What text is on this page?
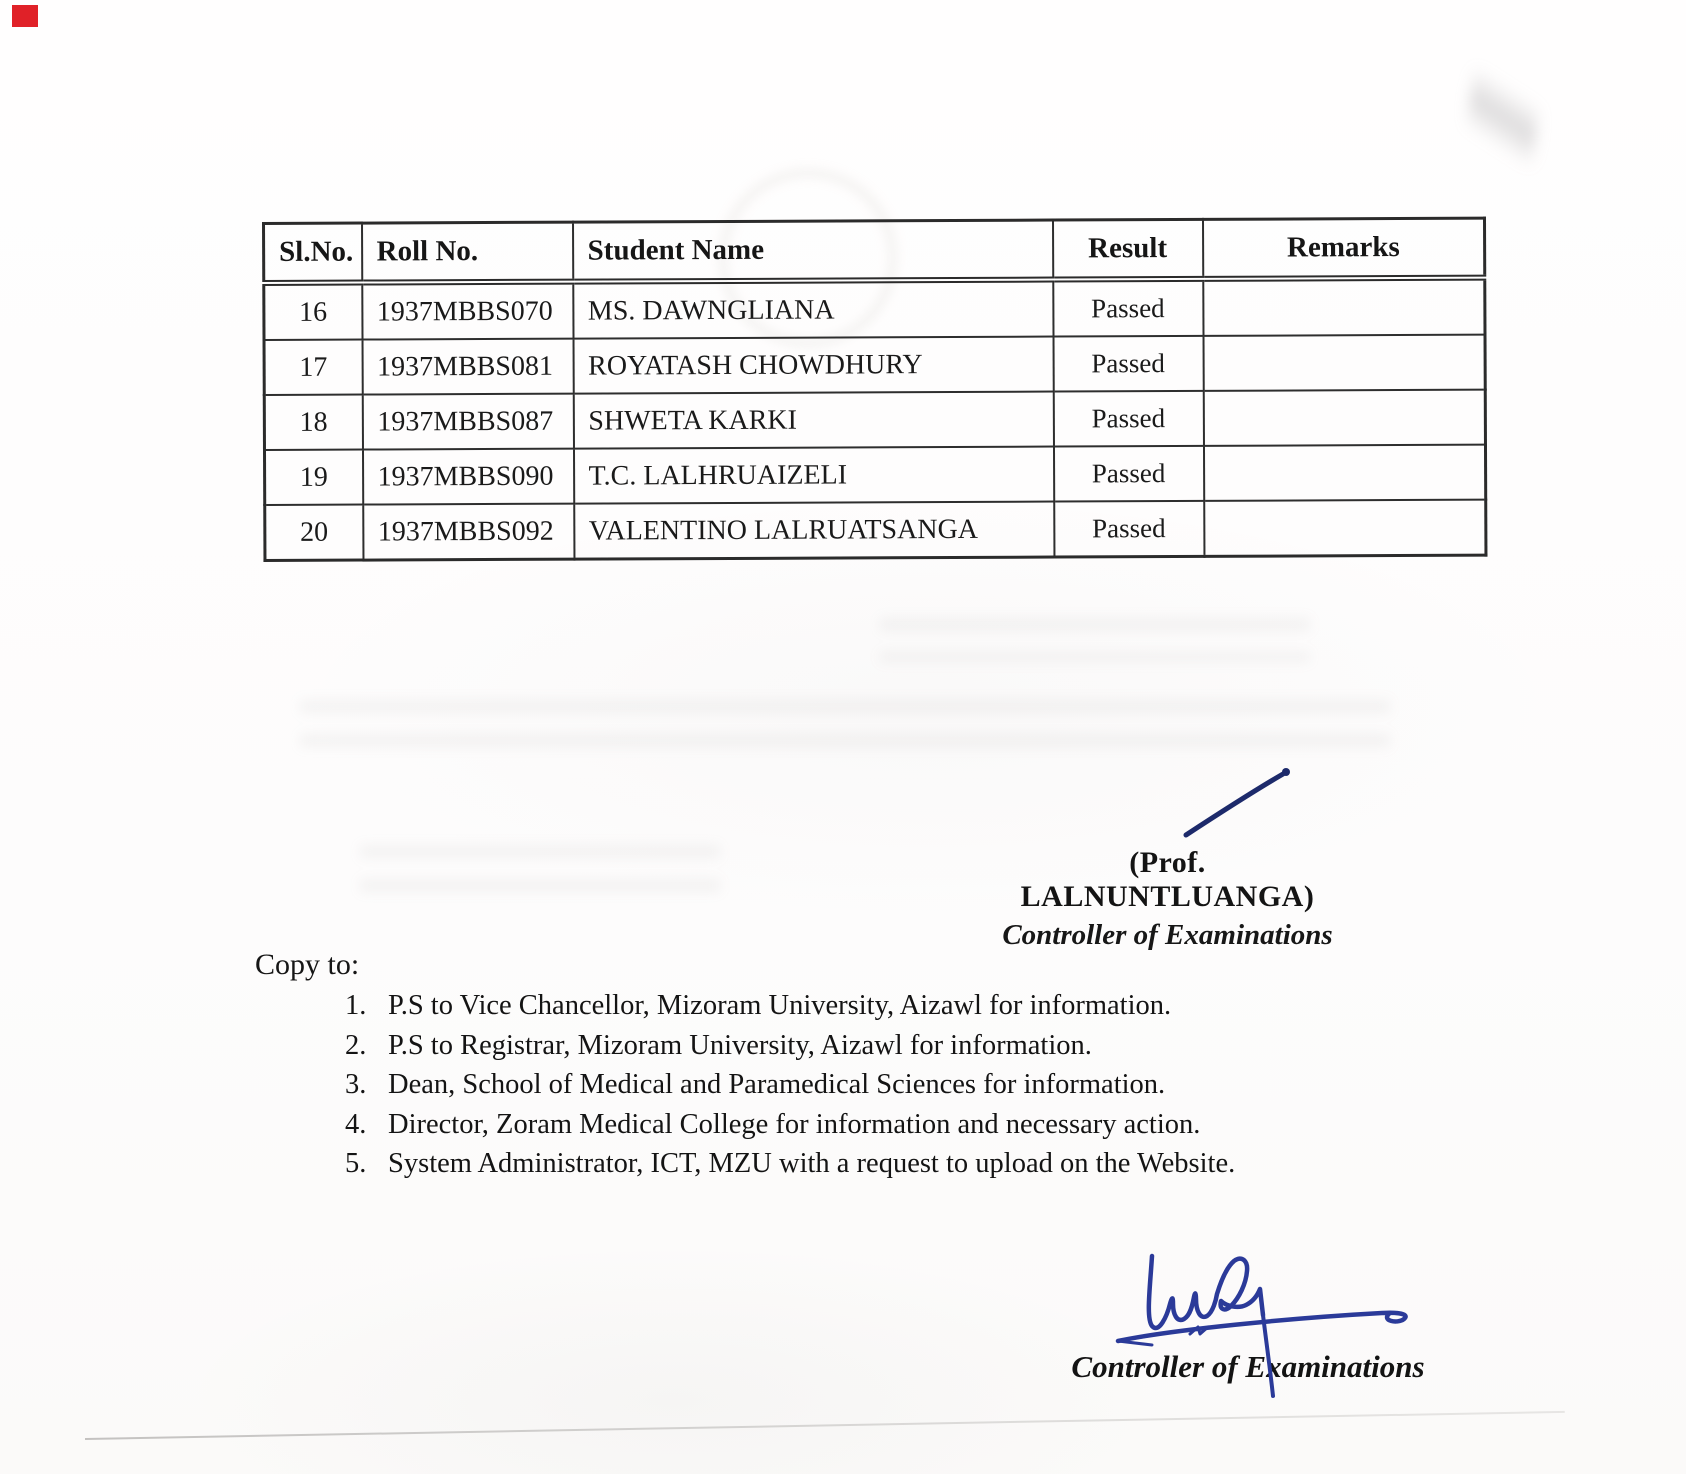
Sl.No.	Roll No.	Student Name	Result	Remarks
16	1937MBBS070	MS. DAWNGLIANA	Passed	
17	1937MBBS081	ROYATASH CHOWDHURY	Passed	
18	1937MBBS087	SHWETA KARKI	Passed	
19	1937MBBS090	T.C. LALHRUAIZELI	Passed	
20	1937MBBS092	VALENTINO LALRUATSANGA	Passed	
(Prof. LALNUNTLUANGA)
Controller of Examinations
Copy to:
1. P.S to Vice Chancellor, Mizoram University, Aizawl for information.
2. P.S to Registrar, Mizoram University, Aizawl for information.
3. Dean, School of Medical and Paramedical Sciences for information.
4. Director, Zoram Medical College for information and necessary action.
5. System Administrator, ICT, MZU with a request to upload on the Website.
Controller of Examinations
